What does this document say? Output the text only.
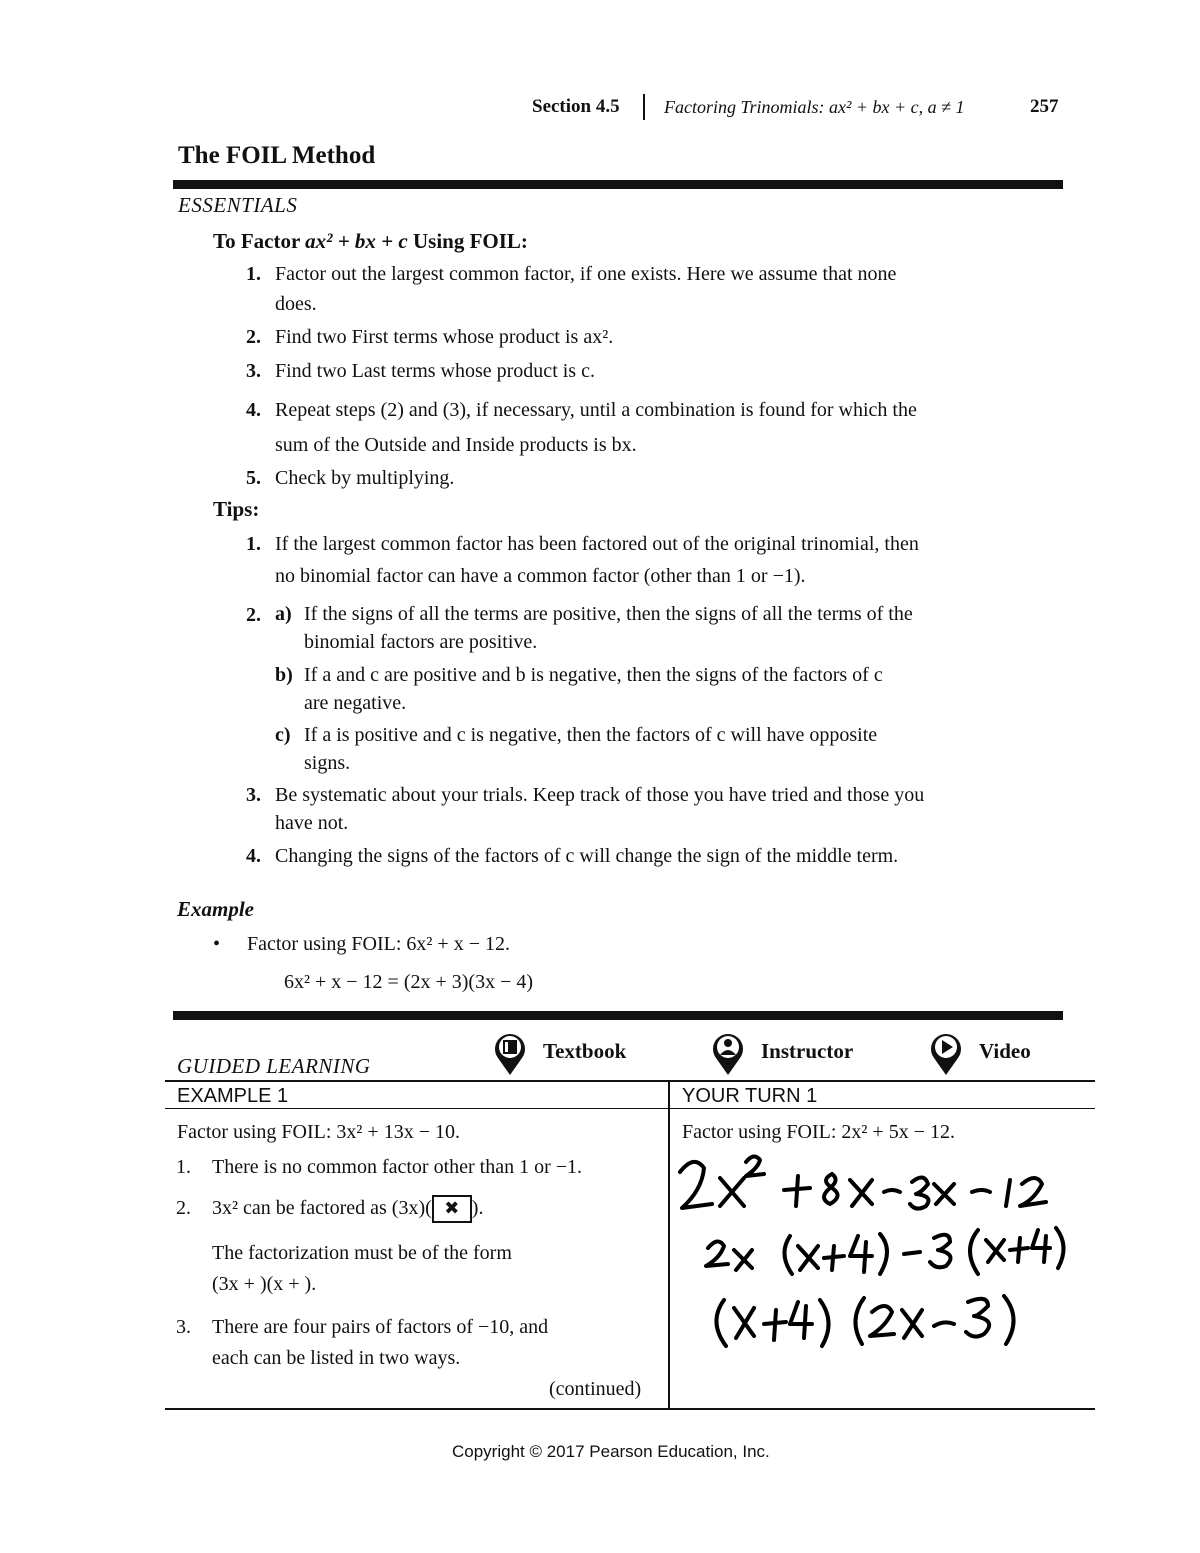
Section 4.5 Factoring Trinomials: ax² + bx + c, a ≠ 1	257
The FOIL Method
ESSENTIALS
To Factor ax² + bx + c Using FOIL:
1. Factor out the largest common factor, if one exists. Here we assume that none
does.
2. Find two First terms whose product is ax².
3. Find two Last terms whose product is c.
4. Repeat steps (2) and (3), if necessary, until a combination is found for which the
sum of the Outside and Inside products is bx.
5. Check by multiplying.
Tips:
1. If the largest common factor has been factored out of the original trinomial, then
no binomial factor can have a common factor (other than 1 or −1).
2. a) If the signs of all the terms are positive, then the signs of all the terms of the
binomial factors are positive.
b) If a and c are positive and b is negative, then the signs of the factors of c
are negative.
c) If a is positive and c is negative, then the factors of c will have opposite
signs.
3. Be systematic about your trials. Keep track of those you have tried and those you
have not.
4. Changing the signs of the factors of c will change the sign of the middle term.
Example
• Factor using FOIL: 6x² + x − 12.
6x² + x − 12 = (2x + 3)(3x − 4)
GUIDED LEARNING
Textbook	Instructor	Video
EXAMPLE 1	YOUR TURN 1
Factor using FOIL: 3x² + 13x − 10.	Factor using FOIL: 2x² + 5x − 12.
1. There is no common factor other than 1 or −1.
2. 3x² can be factored as (3x)( ✖ ).
The factorization must be of the form
(3x + )(x + ).
3. There are four pairs of factors of −10, and
each can be listed in two ways.
(continued)
Copyright © 2017 Pearson Education, Inc.
